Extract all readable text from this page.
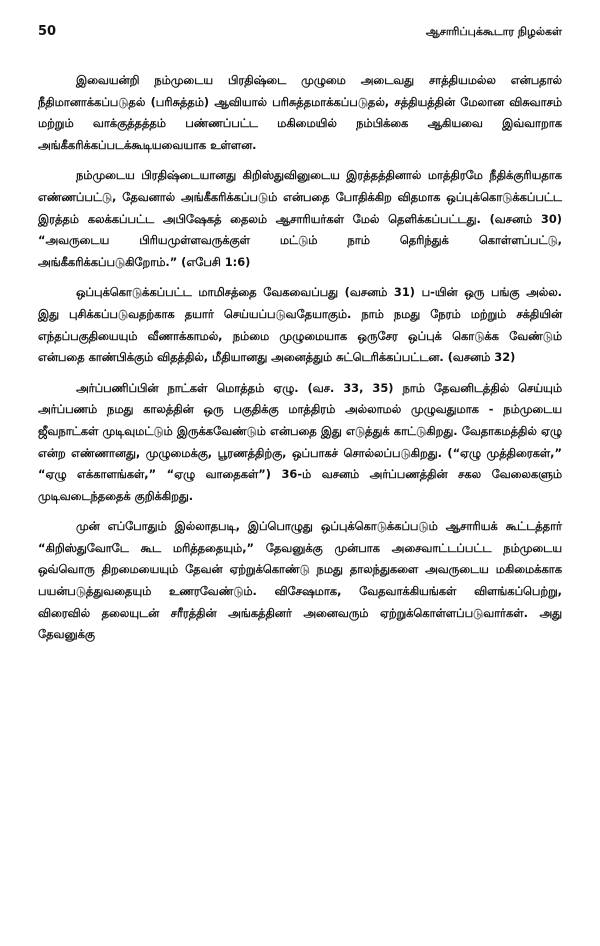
50	ஆசாரிப்புக்கூடார நிழல்கள்

இவையன்றி நம்முடைய பிரதிஷ்டை முழுமை அடைவது சாத்தியமல்ல என்பதால் நீதிமானாக்கப்படுதல் (பரிசுத்தம்) ஆவியால் பரிசுத்தமாக்கப்படுதல், சத்தியத்தின் மேலான விசுவாசம் மற்றும் வாக்குத்தத்தம் பண்ணப்பட்ட மகிமையில் நம்பிக்கை ஆகியவை இவ்வாறாக அங்கீகரிக்கப்படக்கூடியவையாக உள்ளன.

நம்முடைய பிரதிஷ்டையானது கிறிஸ்துவினுடைய இரத்தத்தினால் மாத்திரமே நீதிக்குரியதாக எண்ணப்பட்டு, தேவனால் அங்கீகரிக்கப்படும் என்பதை போதிக்கிற விதமாக ஒப்புக்கொடுக்கப்பட்ட இரத்தம் கலக்கப்பட்ட அபிஷேகத் தைலம் ஆசாரியர்கள் மேல் தெளிக்கப்பட்டது. (வசனம் 30) “அவருடைய பிரியமுள்ளவருக்குள் மட்டும் நாம் தெரிந்துக் கொள்ளப்பட்டு, அங்கீகரிக்கப்படுகிறோம்.” (எபேசி 1:6)

ஒப்புக்கொடுக்கப்பட்ட மாமிசத்தை வேகவைப்பது (வசனம் 31) ப-யின் ஒரு பங்கு அல்ல. இது புசிக்கப்படுவதற்காக தயார் செய்யப்படுவதேயாகும். நாம் நமது நேரம் மற்றும் சக்தியின் எந்தப்பகுதியையும் வீணாக்காமல், நம்மை முழுமையாக ஒருசேர ஒப்புக் கொடுக்க வேண்டும் என்பதை காண்பிக்கும் விதத்தில், மீதியானது அனைத்தும் சுட்டெரிக்கப்பட்டன. (வசனம் 32)

அர்ப்பணிப்பின் நாட்கள் மொத்தம் ஏழு. (வச. 33, 35) நாம் தேவனிடத்தில் செய்யும் அர்ப்பணம் நமது காலத்தின் ஒரு பகுதிக்கு மாத்திரம் அல்லாமல் முழுவதுமாக - நம்முடைய ஜீவநாட்கள் முடிவுமட்டும் இருக்கவேண்டும் என்பதை இது எடுத்துக் காட்டுகிறது. வேதாகமத்தில் ஏழு என்ற எண்ணானது, முழுமைக்கு, பூரணத்திற்கு, ஒப்பாகச் சொல்லப்படுகிறது. (“ஏழு முத்திரைகள்,” “ஏழு எக்காளங்கள்,” “ஏழு வாதைகள்”) 36-ம் வசனம் அர்ப்பணத்தின் சகல வேலைகளும் முடிவடைந்ததைக் குறிக்கிறது.

முன் எப்போதும் இல்லாதபடி, இப்பொழுது ஒப்புக்கொடுக்கப்படும் ஆசாரியக் கூட்டத்தார் “கிறிஸ்துவோடே கூட மரித்ததையும்,” தேவனுக்கு முன்பாக அசைவாட்டப்பட்ட நம்முடைய ஒவ்வொரு திறமையையும் தேவன் ஏற்றுக்கொண்டு நமது தாலந்துகளை அவருடைய மகிமைக்காக பயன்படுத்துவதையும் உணரவேண்டும். விசேஷமாக, வேதவாக்கியங்கள் விளங்கப்பெற்று, விரைவில் தலையுடன் சரீரத்தின் அங்கத்தினர் அனைவரும் ஏற்றுக்கொள்ளப்படுவார்கள். அது தேவனுக்கு
